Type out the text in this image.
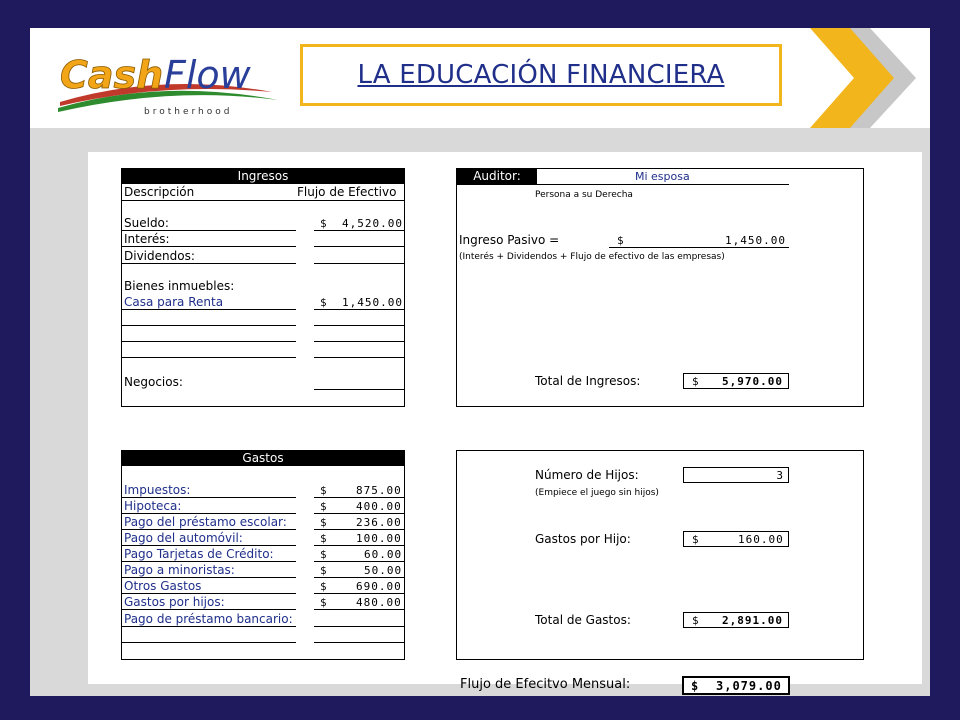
Cash Flow
brotherhood
LA EDUCACIÓN FINANCIERA
Ingresos
Descripción	Flujo de Efectivo
Sueldo:	$ 4,520.00
Interés:
Dividendos:
Bienes inmuebles:
Casa para Renta	$ 1,450.00
Negocios:
Auditor:	Mi esposa
Persona a su Derecha
Ingreso Pasivo =	$	1,450.00
(Interés + Dividendos + Flujo de efectivo de las empresas)
Total de Ingresos:	$ 5,970.00
Gastos
Impuestos:	$	875.00
Hipoteca:	$	400.00
Pago del préstamo escolar:	$	236.00
Pago del automóvil:	$	100.00
Pago Tarjetas de Crédito:	$	60.00
Pago a minoristas:	$	50.00
Otros Gastos	$	690.00
Gastos por hijos:	$	480.00
Pago de préstamo bancario:
Número de Hijos:	3
(Empiece el juego sin hijos)
Gastos por Hijo:	$	160.00
Total de Gastos:	$ 2,891.00
Flujo de Efecitvo Mensual:	$ 3,079.00
